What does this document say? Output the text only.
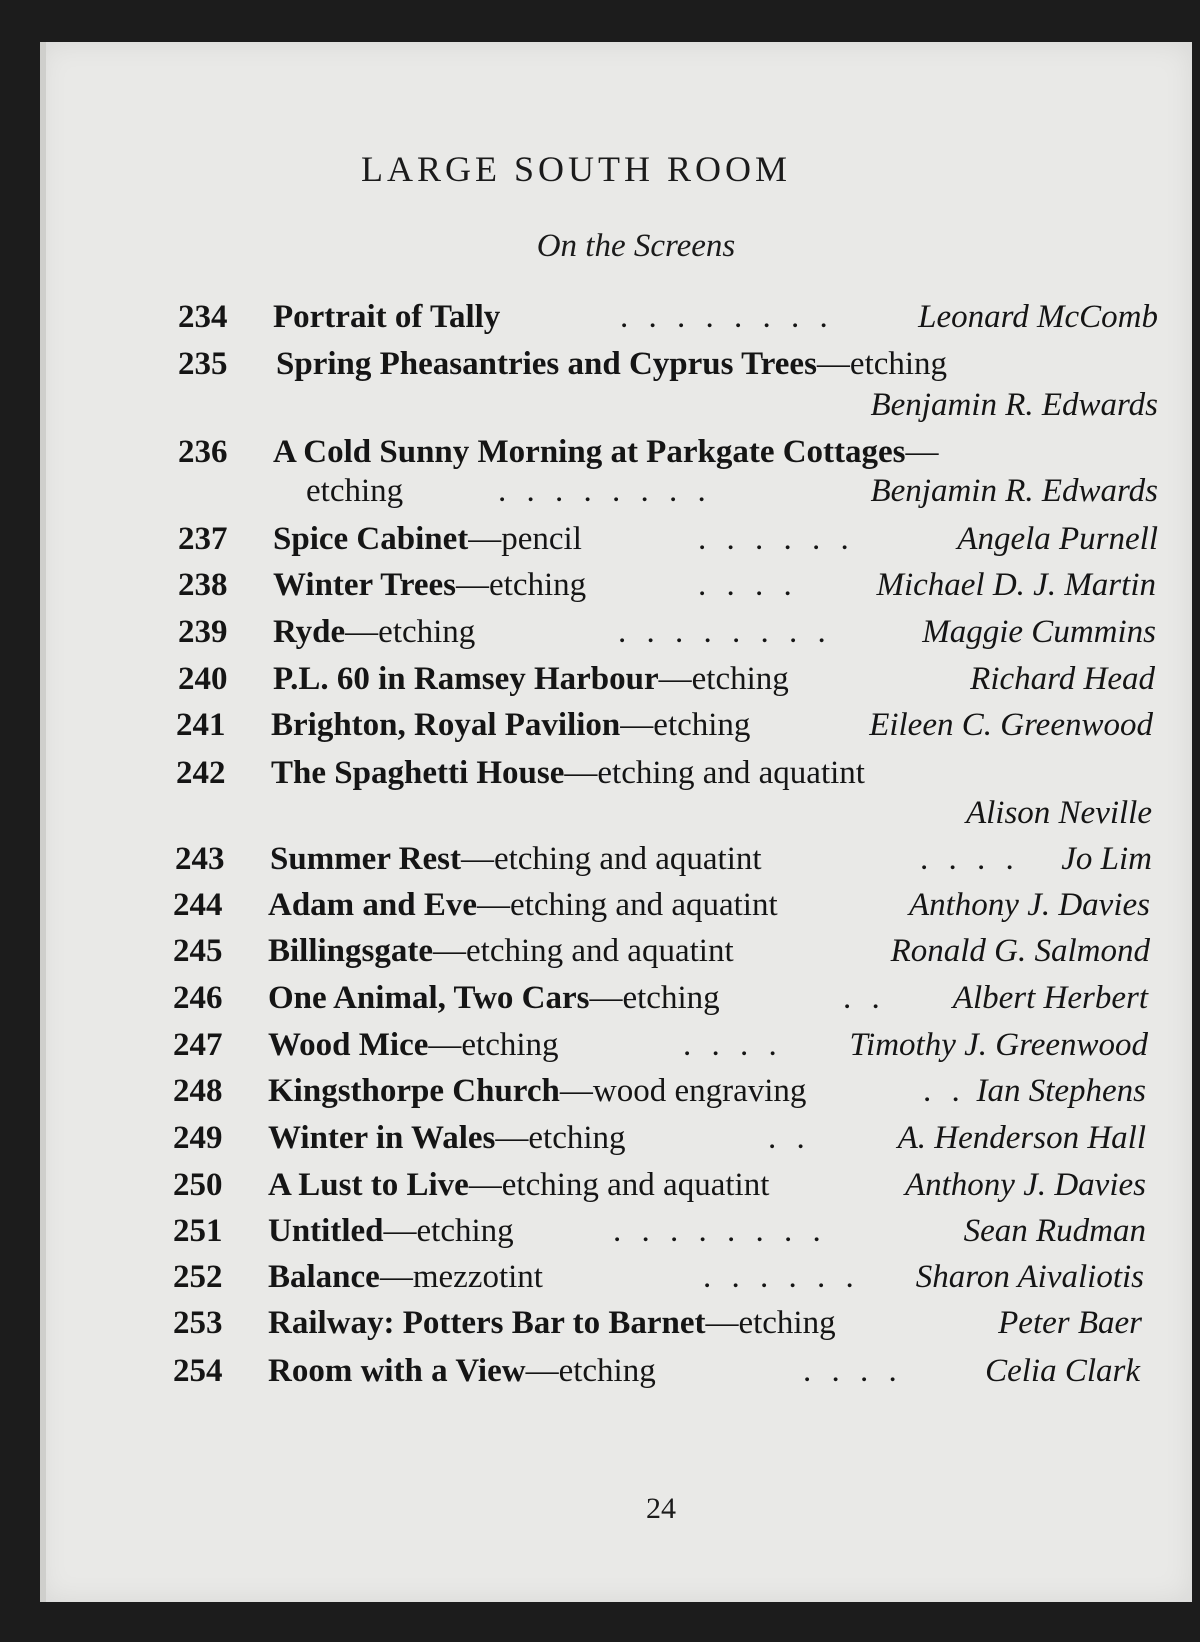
LARGE SOUTH ROOM
On the Screens
234 Portrait of Tally	. . . . . . . .	Leonard McComb
235 Spring Pheasantries and Cyprus Trees—etching
Benjamin R. Edwards
236 A Cold Sunny Morning at Parkgate Cottages—
etching	. . . . . . . .	Benjamin R. Edwards
237 Spice Cabinet—pencil	. . . . . .	Angela Purnell
238 Winter Trees—etching	. . . . Michael D. J. Martin
239 Ryde—etching	. . . . . . . .	Maggie Cummins
240 P.L. 60 in Ramsey Harbour—etching	Richard Head
241 Brighton, Royal Pavilion—etching	Eileen C. Greenwood
242 The Spaghetti House—etching and aquatint
Alison Neville
243 Summer Rest—etching and aquatint	. . . . Jo Lim
244 Adam and Eve—etching and aquatint	Anthony J. Davies
245 Billingsgate—etching and aquatint	Ronald G. Salmond
246 One Animal, Two Cars—etching	. . Albert Herbert
247 Wood Mice—etching	. . . . Timothy J. Greenwood
248 Kingsthorpe Church—wood engraving	. . Ian Stephens
249 Winter in Wales—etching	. .	A. Henderson Hall
250 A Lust to Live—etching and aquatint	Anthony J. Davies
251 Untitled—etching	. . . . . . . .	Sean Rudman
252 Balance—mezzotint	. . . . . . Sharon Aivaliotis
253 Railway: Potters Bar to Barnet—etching	Peter Baer
254 Room with a View—etching	. . . . Celia Clark
24
